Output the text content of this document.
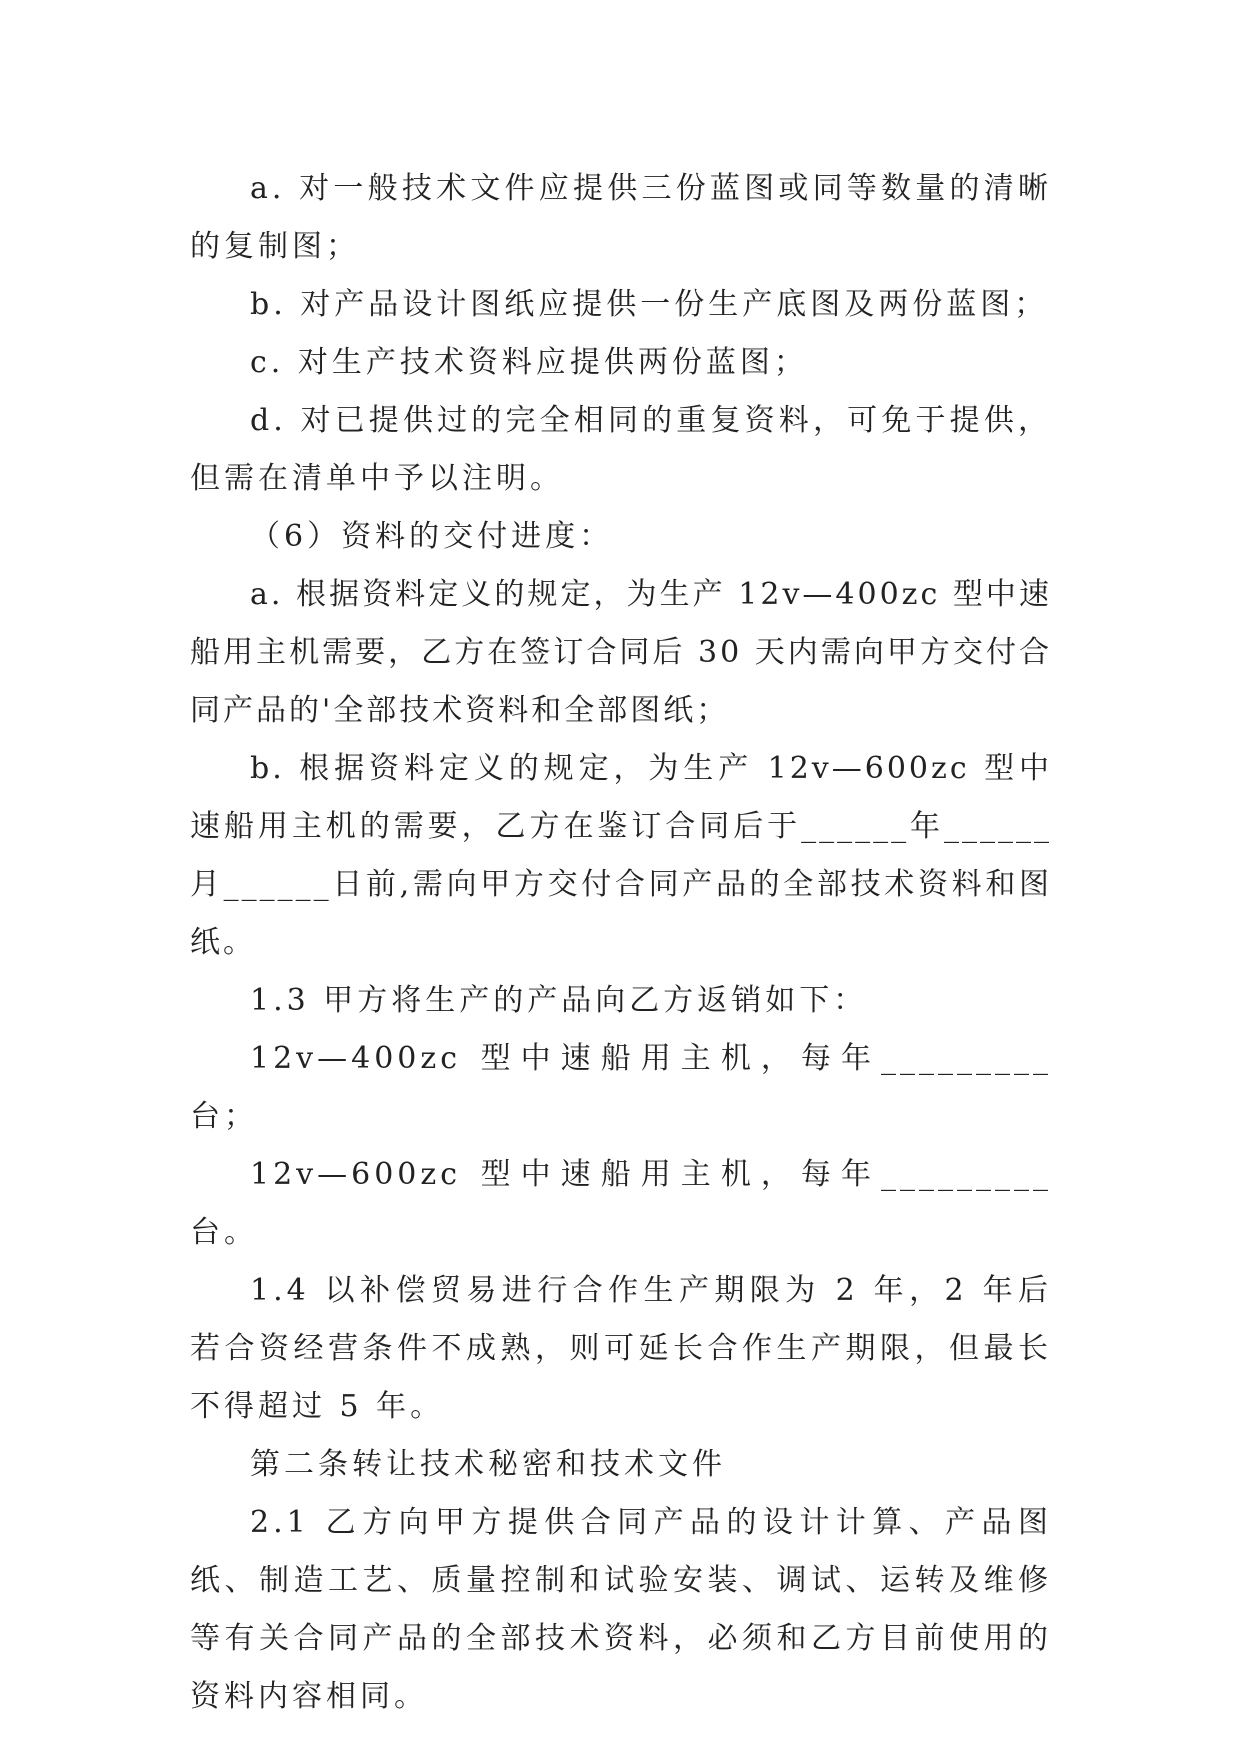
a. 对一般技术文件应提供三份蓝图或同等数量的清晰的复制图；

b. 对产品设计图纸应提供一份生产底图及两份蓝图；

c. 对生产技术资料应提供两份蓝图；

d. 对已提供过的完全相同的重复资料，可免于提供，但需在清单中予以注明。

（6）资料的交付进度：

a. 根据资料定义的规定，为生产 12v—400zc 型中速船用主机需要，乙方在签订合同后 30 天内需向甲方交付合同产品的'全部技术资料和全部图纸；

b. 根据资料定义的规定，为生产 12v—600zc 型中速船用主机的需要，乙方在鉴订合同后于______年______月______日前,需向甲方交付合同产品的全部技术资料和图纸。

1.3 甲方将生产的产品向乙方返销如下：

12v—400zc 型中速船用主机，每年_________台；

12v—600zc 型中速船用主机，每年_________台。

1.4 以补偿贸易进行合作生产期限为 2 年，2 年后若合资经营条件不成熟，则可延长合作生产期限，但最长不得超过 5 年。

第二条转让技术秘密和技术文件

2.1 乙方向甲方提供合同产品的设计计算、产品图纸、制造工艺、质量控制和试验安装、调试、运转及维修等有关合同产品的全部技术资料，必须和乙方目前使用的资料内容相同。
